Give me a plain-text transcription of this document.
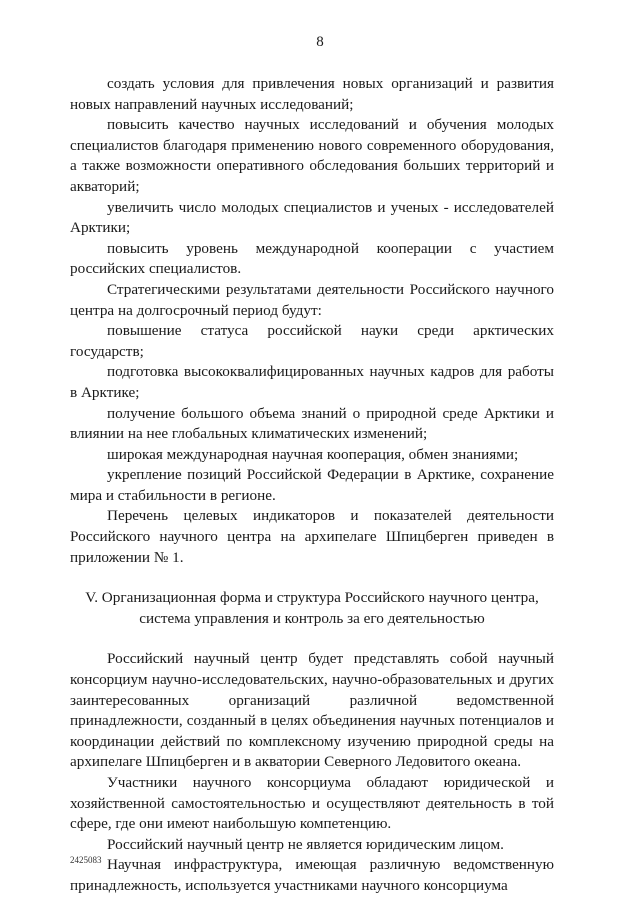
8

создать условия для привлечения новых организаций и развития новых направлений научных исследований;

повысить качество научных исследований и обучения молодых специалистов благодаря применению нового современного оборудования, а также возможности оперативного обследования больших территорий и акваторий;

увеличить число молодых специалистов и ученых - исследователей Арктики;

повысить уровень международной кооперации с участием российских специалистов.

Стратегическими результатами деятельности Российского научного центра на долгосрочный период будут:

повышение статуса российской науки среди арктических государств;

подготовка высококвалифицированных научных кадров для работы в Арктике;

получение большого объема знаний о природной среде Арктики и влиянии на нее глобальных климатических изменений;

широкая международная научная кооперация, обмен знаниями;

укрепление позиций Российской Федерации в Арктике, сохранение мира и стабильности в регионе.

Перечень целевых индикаторов и показателей деятельности Российского научного центра на архипелаге Шпицберген приведен в приложении № 1.

V. Организационная форма и структура Российского научного центра,
система управления и контроль за его деятельностью

Российский научный центр будет представлять собой научный консорциум научно-исследовательских, научно-образовательных и других заинтересованных организаций различной ведомственной принадлежности, созданный в целях объединения научных потенциалов и координации действий по комплексному изучению природной среды на архипелаге Шпицберген и в акватории Северного Ледовитого океана.

Участники научного консорциума обладают юридической и хозяйственной самостоятельностью и осуществляют деятельность в той сфере, где они имеют наибольшую компетенцию.

Российский научный центр не является юридическим лицом.

Научная инфраструктура, имеющая различную ведомственную принадлежность, используется участниками научного консорциума

2425083
